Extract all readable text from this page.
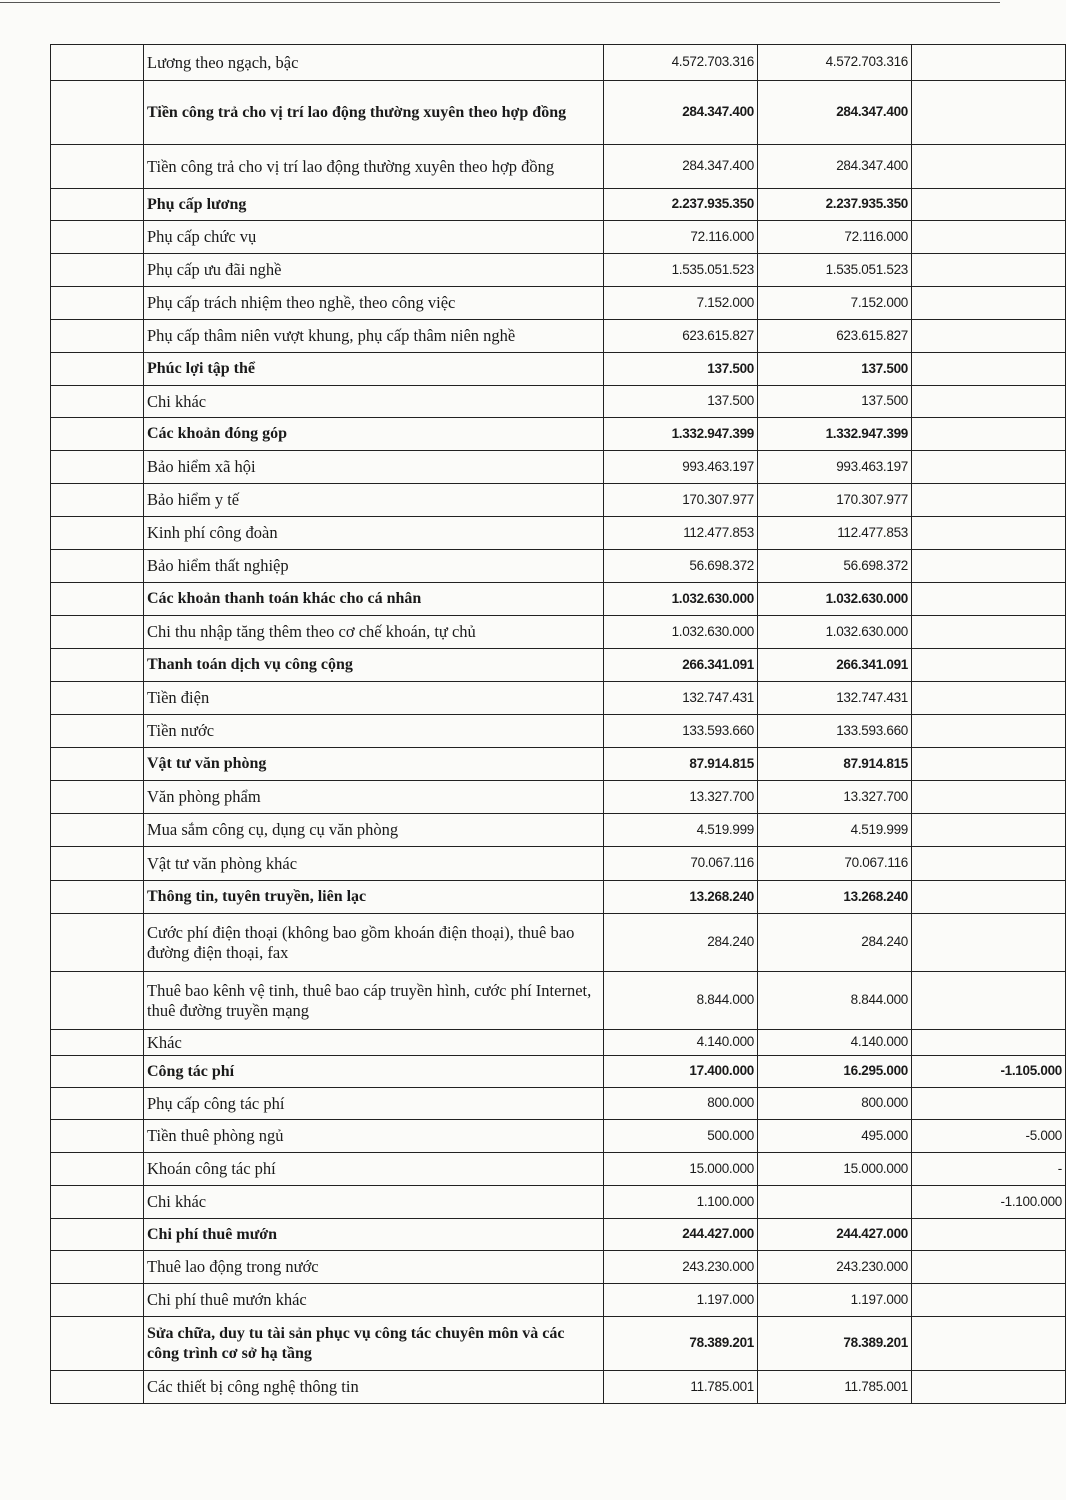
	Lương theo ngạch, bậc	4.572.703.316	4.572.703.316	
	Tiền công trả cho vị trí lao động thường xuyên theo hợp đồng	284.347.400	284.347.400	
	Tiền công trả cho vị trí lao động thường xuyên theo hợp đồng	284.347.400	284.347.400	
	Phụ cấp lương	2.237.935.350	2.237.935.350	
	Phụ cấp chức vụ	72.116.000	72.116.000	
	Phụ cấp ưu đãi nghề	1.535.051.523	1.535.051.523	
	Phụ cấp trách nhiệm theo nghề, theo công việc	7.152.000	7.152.000	
	Phụ cấp thâm niên vượt khung, phụ cấp thâm niên nghề	623.615.827	623.615.827	
	Phúc lợi tập thể	137.500	137.500	
	Chi khác	137.500	137.500	
	Các khoản đóng góp	1.332.947.399	1.332.947.399	
	Bảo hiểm xã hội	993.463.197	993.463.197	
	Bảo hiểm y tế	170.307.977	170.307.977	
	Kinh phí công đoàn	112.477.853	112.477.853	
	Bảo hiểm thất nghiệp	56.698.372	56.698.372	
	Các khoản thanh toán khác cho cá nhân	1.032.630.000	1.032.630.000	
	Chi thu nhập tăng thêm theo cơ chế khoán, tự chủ	1.032.630.000	1.032.630.000	
	Thanh toán dịch vụ công cộng	266.341.091	266.341.091	
	Tiền điện	132.747.431	132.747.431	
	Tiền nước	133.593.660	133.593.660	
	Vật tư văn phòng	87.914.815	87.914.815	
	Văn phòng phẩm	13.327.700	13.327.700	
	Mua sắm công cụ, dụng cụ văn phòng	4.519.999	4.519.999	
	Vật tư văn phòng khác	70.067.116	70.067.116	
	Thông tin, tuyên truyền, liên lạc	13.268.240	13.268.240	
	Cước phí điện thoại (không bao gồm khoán điện thoại), thuê bao đường điện thoại, fax	284.240	284.240	
	Thuê bao kênh vệ tinh, thuê bao cáp truyền hình, cước phí Internet, thuê đường truyền mạng	8.844.000	8.844.000	
	Khác	4.140.000	4.140.000	
	Công tác phí	17.400.000	16.295.000	-1.105.000
	Phụ cấp công tác phí	800.000	800.000	
	Tiền thuê phòng ngủ	500.000	495.000	-5.000
	Khoán công tác phí	15.000.000	15.000.000	-
	Chi khác	1.100.000		-1.100.000
	Chi phí thuê mướn	244.427.000	244.427.000	
	Thuê lao động trong nước	243.230.000	243.230.000	
	Chi phí thuê mướn khác	1.197.000	1.197.000	
	Sửa chữa, duy tu tài sản phục vụ công tác chuyên môn và các công trình cơ sở hạ tầng	78.389.201	78.389.201	
	Các thiết bị công nghệ thông tin	11.785.001	11.785.001	
